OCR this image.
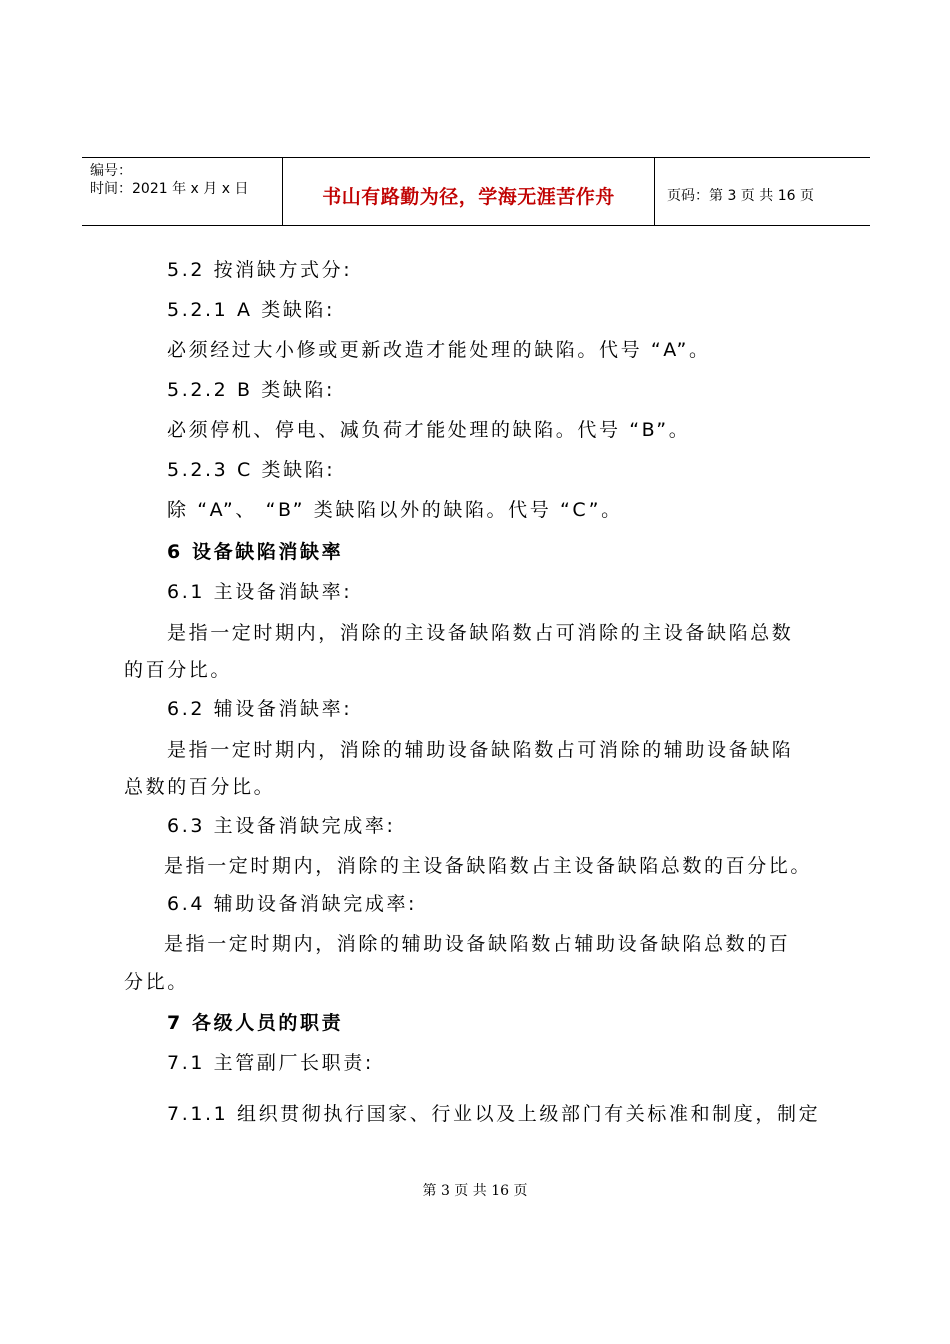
编号：
时间：2021 年 x 月 x 日	书山有路勤为径，学海无涯苦作舟	页码：第 3 页 共 16 页
5.2 按消缺方式分:
5.2.1 A 类缺陷:
必须经过大小修或更新改造才能处理的缺陷。代号 “A”。
5.2.2 B 类缺陷:
必须停机、停电、减负荷才能处理的缺陷。代号 “B”。
5.2.3 C 类缺陷:
除 “A”、 “B” 类缺陷以外的缺陷。代号 “C”。
6 设备缺陷消缺率
6.1 主设备消缺率:
是指一定时期内，消除的主设备缺陷数占可消除的主设备缺陷总数
的百分比。
6.2 辅设备消缺率:
是指一定时期内，消除的辅助设备缺陷数占可消除的辅助设备缺陷
总数的百分比。
6.3 主设备消缺完成率:
是指一定时期内，消除的主设备缺陷数占主设备缺陷总数的百分比。
6.4 辅助设备消缺完成率:
是指一定时期内，消除的辅助设备缺陷数占辅助设备缺陷总数的百
分比。
7 各级人员的职责
7.1 主管副厂长职责:
7.1.1 组织贯彻执行国家、行业以及上级部门有关标准和制度，制定
第 3 页 共 16 页
